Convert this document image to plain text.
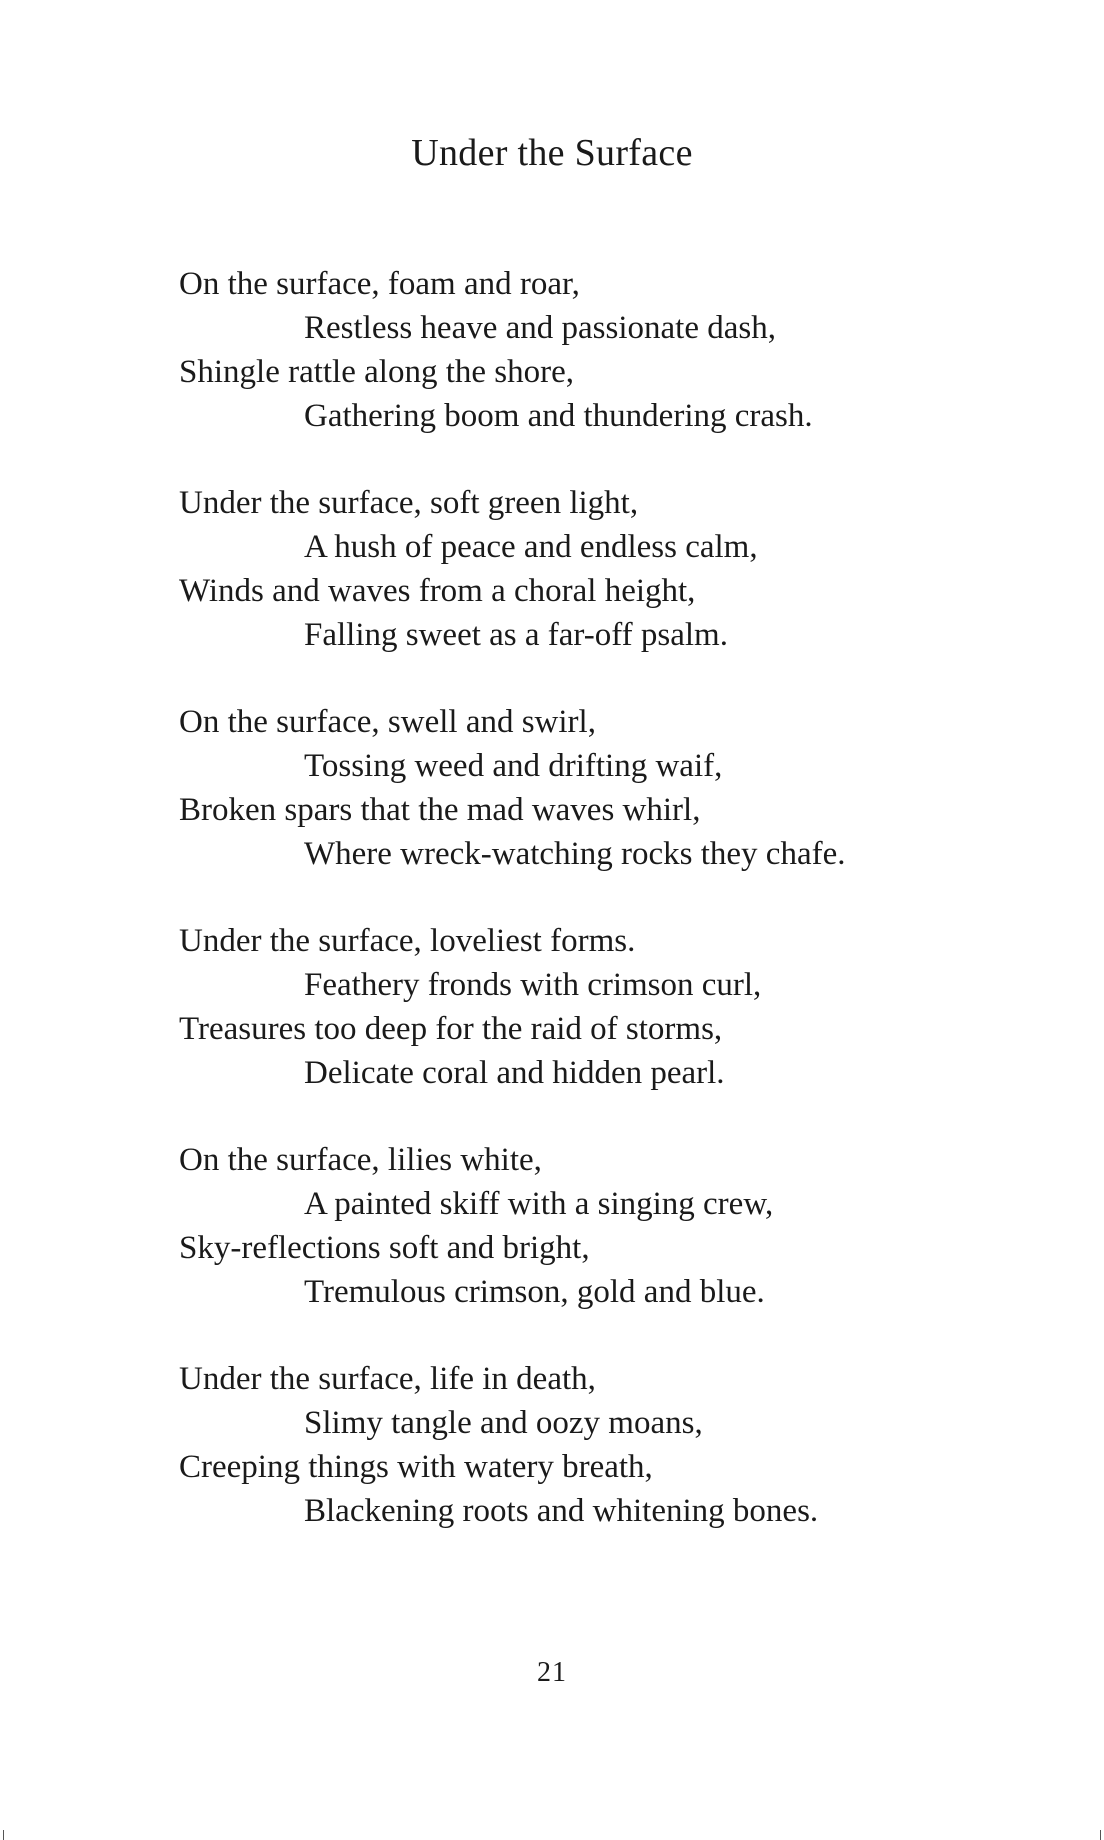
Under the Surface
On the surface, foam and roar,
Restless heave and passionate dash,
Shingle rattle along the shore,
Gathering boom and thundering crash.
Under the surface, soft green light,
A hush of peace and endless calm,
Winds and waves from a choral height,
Falling sweet as a far-off psalm.
On the surface, swell and swirl,
Tossing weed and drifting waif,
Broken spars that the mad waves whirl,
Where wreck-watching rocks they chafe.
Under the surface, loveliest forms.
Feathery fronds with crimson curl,
Treasures too deep for the raid of storms,
Delicate coral and hidden pearl.
On the surface, lilies white,
A painted skiff with a singing crew,
Sky-reflections soft and bright,
Tremulous crimson, gold and blue.
Under the surface, life in death,
Slimy tangle and oozy moans,
Creeping things with watery breath,
Blackening roots and whitening bones.
21
